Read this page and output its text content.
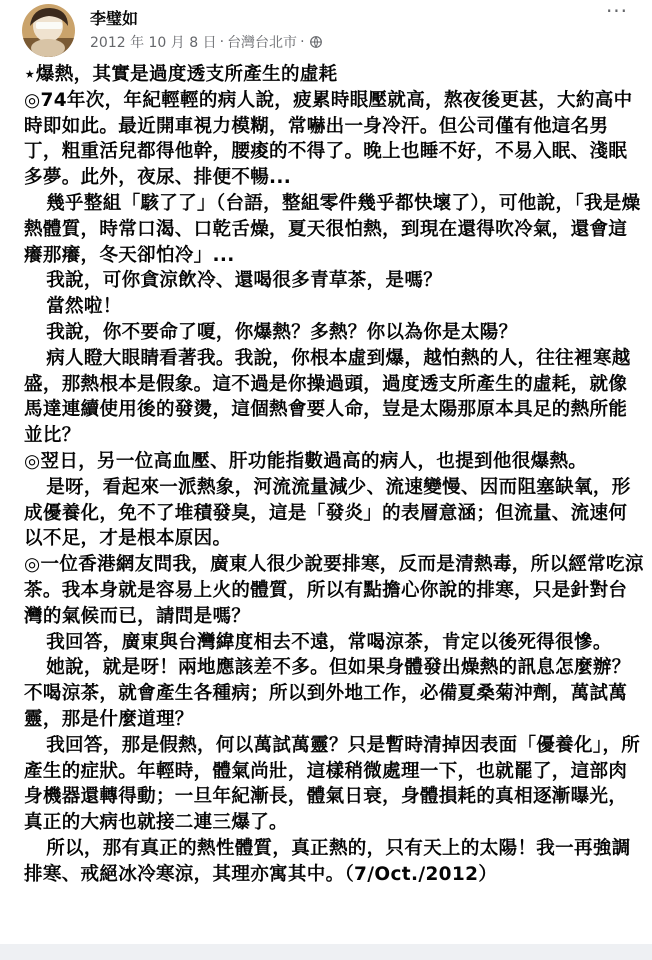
李璧如
2012 年 10 月 8 日 · 台灣台北市 ·
···

⋆爆熱，其實是過度透支所產生的虛耗

◎74年次，年紀輕輕的病人說，疲累時眼壓就高，熬夜後更甚，大約高中時即如此。最近開車視力模糊，常嚇出一身冷汗。但公司僅有他這名男丁，粗重活兒都得他幹，腰痠的不得了。晚上也睡不好，不易入眠、淺眠多夢。此外，夜尿、排便不暢...

幾乎整組「駭了了」（台語，整組零件幾乎都快壞了），可他說，「我是燥熱體質，時常口渴、口乾舌燥，夏天很怕熱，到現在還得吹冷氣，還會這癢那癢，冬天卻怕冷」...

我說，可你貪涼飲冷、還喝很多青草茶，是嗎？

當然啦！

我說，你不要命了嗄，你爆熱？多熱？你以為你是太陽？

病人瞪大眼睛看著我。我說，你根本虛到爆，越怕熱的人，往往裡寒越盛，那熱根本是假象。這不過是你操過頭，過度透支所產生的虛耗，就像馬達連續使用後的發燙，這個熱會要人命，豈是太陽那原本具足的熱所能並比？

◎翌日，另一位高血壓、肝功能指數過高的病人，也提到他很爆熱。

是呀，看起來一派熱象，河流流量減少、流速變慢、因而阻塞缺氧，形成優養化，免不了堆積發臭，這是「發炎」的表層意涵；但流量、流速何以不足，才是根本原因。

◎一位香港網友問我，廣東人很少說要排寒，反而是清熱毒，所以經常吃涼茶。我本身就是容易上火的體質，所以有點擔心你說的排寒，只是針對台灣的氣候而已，請問是嗎？

我回答，廣東與台灣緯度相去不遠，常喝涼茶，肯定以後死得很慘。

她說，就是呀！兩地應該差不多。但如果身體發出燥熱的訊息怎麼辦？不喝涼茶，就會產生各種病；所以到外地工作，必備夏桑菊沖劑，萬試萬靈，那是什麼道理？

我回答，那是假熱，何以萬試萬靈？只是暫時清掉因表面「優養化」，所產生的症狀。年輕時，體氣尚壯，這樣稍微處理一下，也就罷了，這部肉身機器還轉得動；一旦年紀漸長，體氣日衰，身體損耗的真相逐漸曝光，真正的大病也就接二連三爆了。

所以，那有真正的熱性體質，真正熱的，只有天上的太陽！我一再強調排寒、戒絕冰冷寒涼，其理亦寓其中。（7/Oct./2012）
